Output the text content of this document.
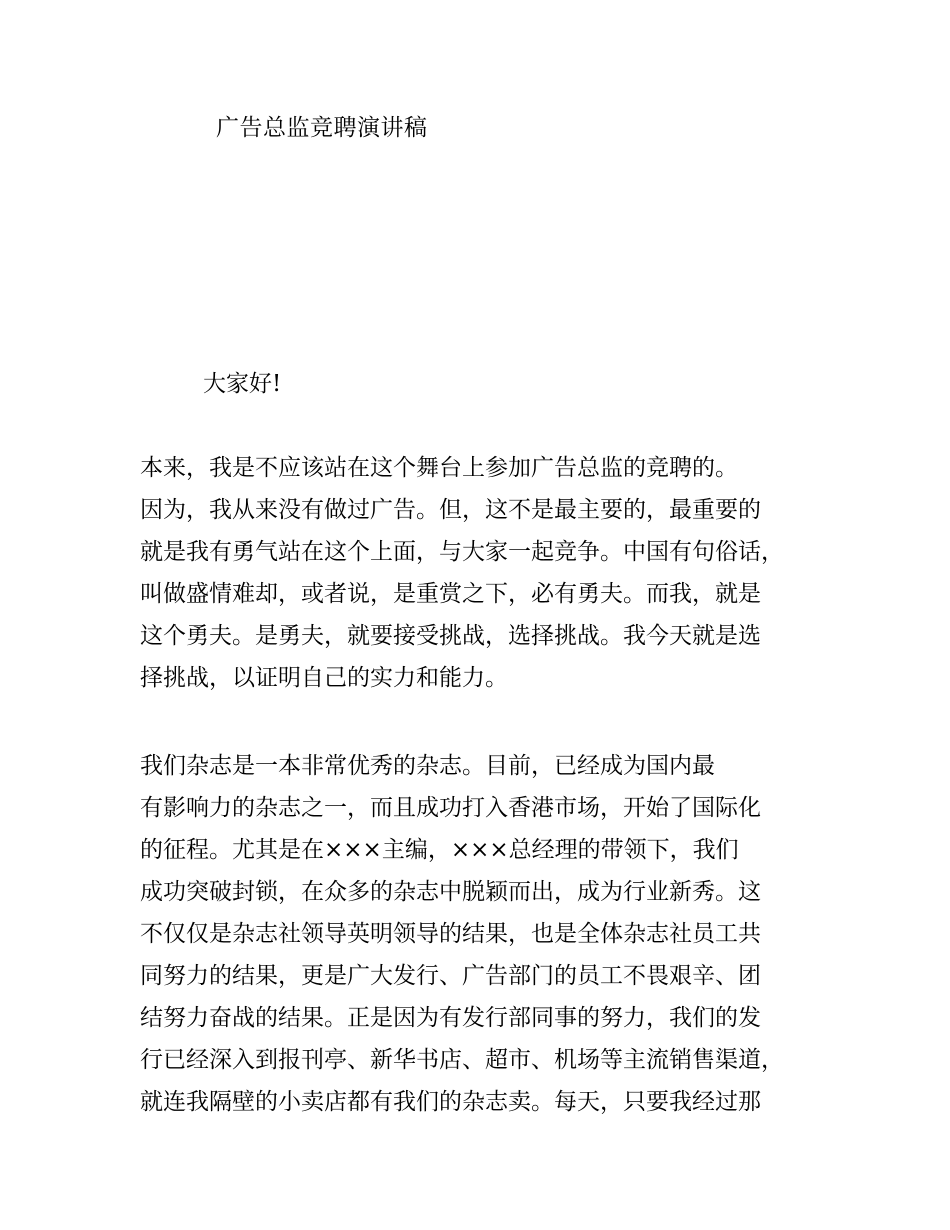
广告总监竞聘演讲稿
大家好!
本来，我是不应该站在这个舞台上参加广告总监的竞聘的。
因为，我从来没有做过广告。但，这不是最主要的，最重要的
就是我有勇气站在这个上面，与大家一起竞争。中国有句俗话，
叫做盛情难却，或者说，是重赏之下，必有勇夫。而我，就是
这个勇夫。是勇夫，就要接受挑战，选择挑战。我今天就是选
择挑战，以证明自己的实力和能力。
我们杂志是一本非常优秀的杂志。目前，已经成为国内最
有影响力的杂志之一，而且成功打入香港市场，开始了国际化
的征程。尤其是在×××主编，×××总经理的带领下，我们
成功突破封锁，在众多的杂志中脱颖而出，成为行业新秀。这
不仅仅是杂志社领导英明领导的结果，也是全体杂志社员工共
同努力的结果，更是广大发行、广告部门的员工不畏艰辛、团
结努力奋战的结果。正是因为有发行部同事的努力，我们的发
行已经深入到报刊亭、新华书店、超市、机场等主流销售渠道，
就连我隔壁的小卖店都有我们的杂志卖。每天，只要我经过那
